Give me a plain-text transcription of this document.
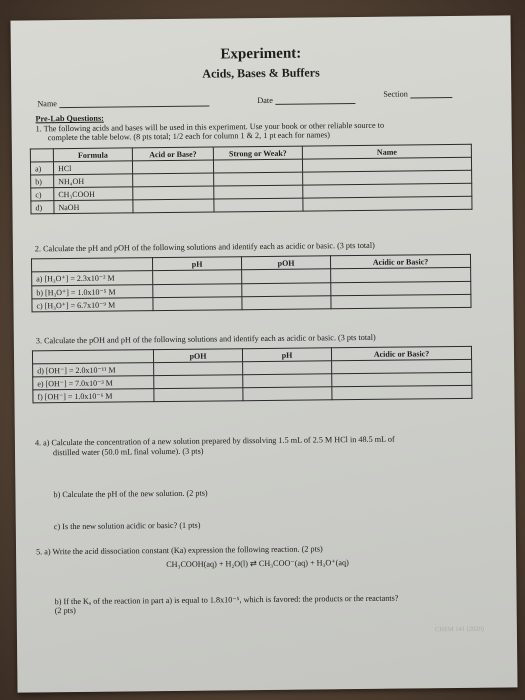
Experiment:
Acids, Bases & Buffers
Name	Date
Section
Pre-Lab Questions:
1. The following acids and bases will be used in this experiment. Use your book or other reliable source to
complete the table below. (8 pts total; 1/2 each for column 1 & 2, 1 pt each for names)
	Formula	Acid or Base?	Strong or Weak?	Name
a)	HCl			
b)	NH₄OH			
c)	CH₃COOH			
d)	NaOH			
2. Calculate the pH and pOH of the following solutions and identify each as acidic or basic. (3 pts total)
	pH	pOH	Acidic or Basic?
a) [H₃O⁺] = 2.3x10⁻² M			
b) [H₃O⁺] = 1.0x10⁻⁵ M			
c) [H₃O⁺] = 6.7x10⁻⁹ M			
3. Calculate the pOH and pH of the following solutions and identify each as acidic or basic. (3 pts total)
	pOH	pH	Acidic or Basic?
d) [OH⁻] = 2.0x10⁻¹¹ M			
e) [OH⁻] = 7.0x10⁻³ M			
f) [OH⁻] = 1.0x10⁻⁶ M			
4. a) Calculate the concentration of a new solution prepared by dissolving 1.5 mL of 2.5 M HCl in 48.5 mL of
distilled water (50.0 mL final volume). (3 pts)
b) Calculate the pH of the new solution. (2 pts)
c) Is the new solution acidic or basic? (1 pts)
5. a) Write the acid dissociation constant (Ka) expression the following reaction. (2 pts)
CH₃COOH(aq) + H₂O(l) ⇄ CH₃COO⁻(aq) + H₃O⁺(aq)
b) If the Kₐ of the reaction in part a) is equal to 1.8x10⁻⁵, which is favored: the products or the reactants?
(2 pts)
CHEM 141 (2020)
